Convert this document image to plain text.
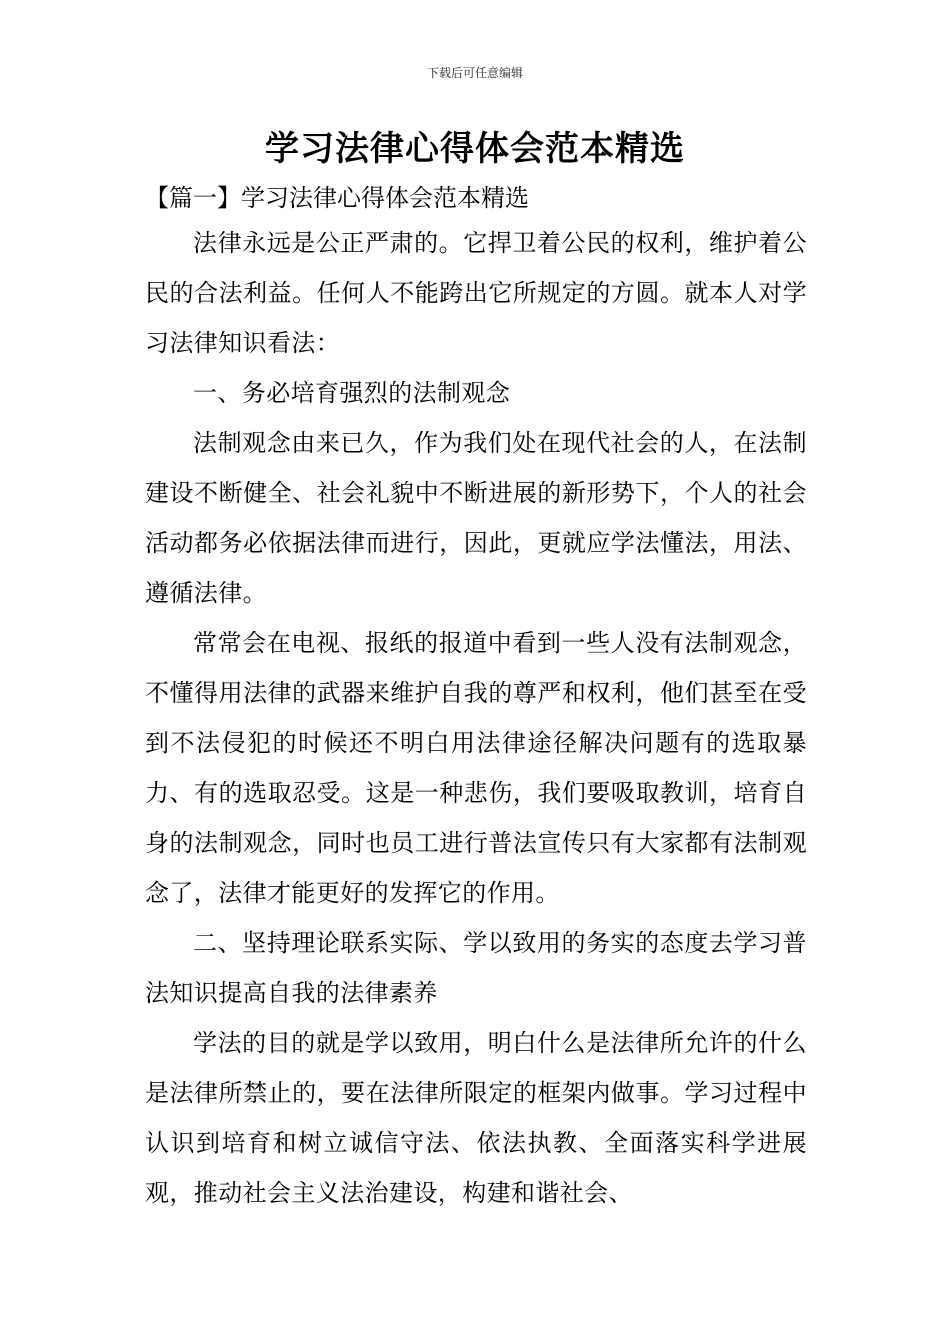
下载后可任意编辑
学习法律心得体会范本精选

【篇一】学习法律心得体会范本精选

法律永远是公正严肃的。它捍卫着公民的权利，维护着公民的合法利益。任何人不能跨出它所规定的方圆。就本人对学习法律知识看法：

一、务必培育强烈的法制观念

法制观念由来已久，作为我们处在现代社会的人，在法制建设不断健全、社会礼貌中不断进展的新形势下，个人的社会活动都务必依据法律而进行，因此，更就应学法懂法，用法、遵循法律。

常常会在电视、报纸的报道中看到一些人没有法制观念，不懂得用法律的武器来维护自我的尊严和权利，他们甚至在受到不法侵犯的时候还不明白用法律途径解决问题有的选取暴力、有的选取忍受。这是一种悲伤，我们要吸取教训，培育自身的法制观念，同时也员工进行普法宣传只有大家都有法制观念了，法律才能更好的发挥它的作用。

二、坚持理论联系实际、学以致用的务实的态度去学习普法知识提高自我的法律素养

学法的目的就是学以致用，明白什么是法律所允许的什么是法律所禁止的，要在法律所限定的框架内做事。学习过程中认识到培育和树立诚信守法、依法执教、全面落实科学进展观，推动社会主义法治建设，构建和谐社会、
